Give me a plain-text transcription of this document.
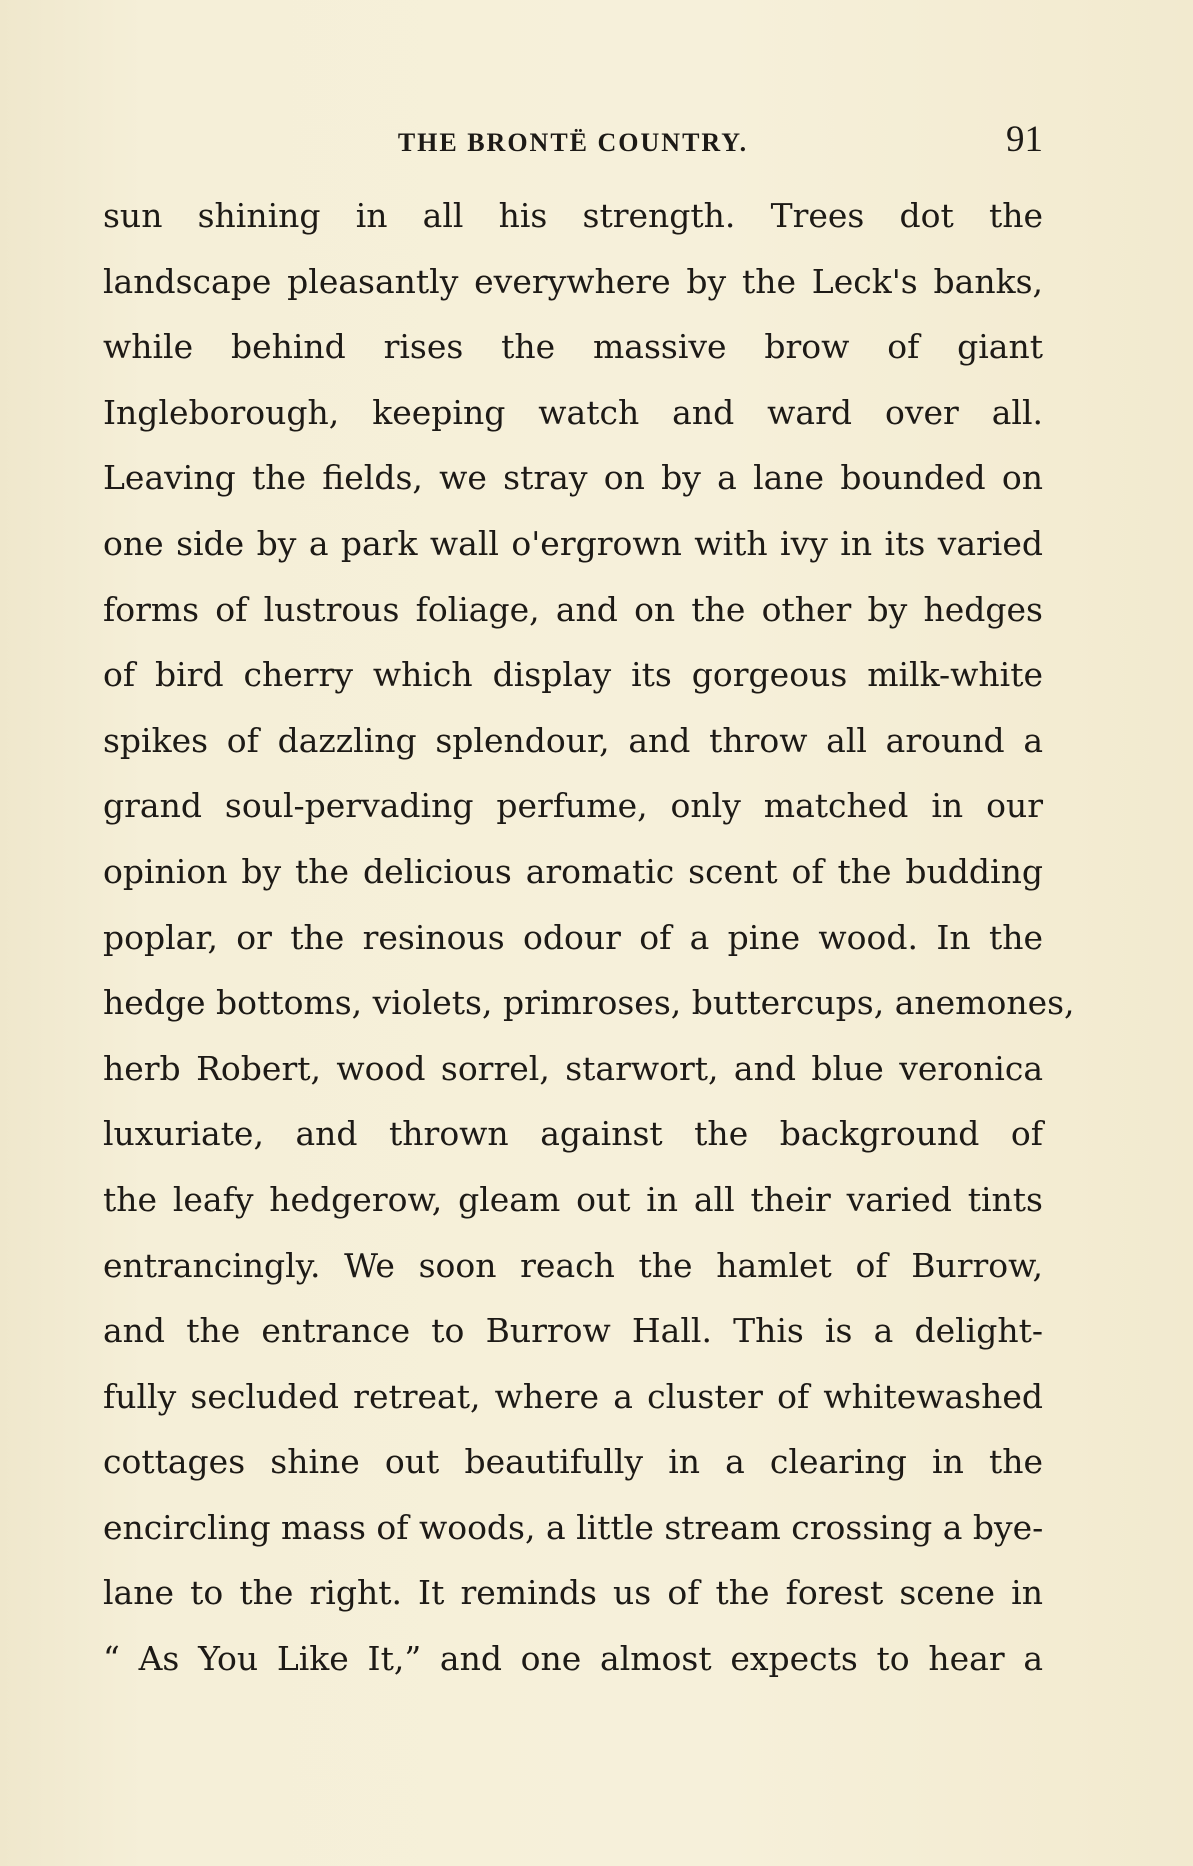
THE BRONTË COUNTRY.	91
sun shining in all his strength. Trees dot the
landscape pleasantly everywhere by the Leck's banks,
while behind rises the massive brow of giant
Ingleborough, keeping watch and ward over all.
Leaving the fields, we stray on by a lane bounded on
one side by a park wall o'ergrown with ivy in its varied
forms of lustrous foliage, and on the other by hedges
of bird cherry which display its gorgeous milk-white
spikes of dazzling splendour, and throw all around a
grand soul-pervading perfume, only matched in our
opinion by the delicious aromatic scent of the budding
poplar, or the resinous odour of a pine wood. In the
hedge bottoms, violets, primroses, buttercups, anemones,
herb Robert, wood sorrel, starwort, and blue veronica
luxuriate, and thrown against the background of
the leafy hedgerow, gleam out in all their varied tints
entrancingly. We soon reach the hamlet of Burrow,
and the entrance to Burrow Hall. This is a delight-
fully secluded retreat, where a cluster of whitewashed
cottages shine out beautifully in a clearing in the
encircling mass of woods, a little stream crossing a bye-
lane to the right. It reminds us of the forest scene in
“ As You Like It,” and one almost expects to hear a
